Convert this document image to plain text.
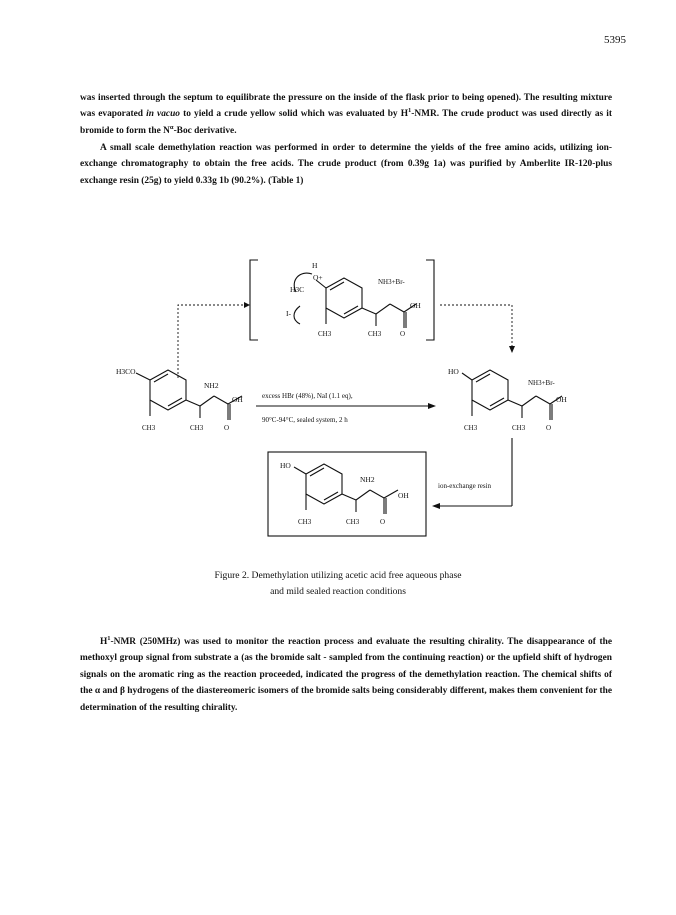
5395

was inserted through the septum to equilibrate the pressure on the inside of the flask prior to being opened). The resulting mixture was evaporated in vacuo to yield a crude yellow solid which was evaluated by $H^1$-NMR. The crude product was used directly as it bromide to form the $N^\alpha$-Boc derivative.

A small scale demethylation reaction was performed in order to determine the yields of the free amino acids, utilizing ion-exchange chromatography to obtain the free acids. The crude product (from 0.39g 1a) was purified by Amberlite IR-120-plus exchange resin (25g) to yield 0.33g 1b (90.2%). (Table 1)

H
O+
H3C
I-
NH3+Br-
OH
CH3	CH3	O
H3CO
NH2
OH
CH3	CH3	O
excess HBr (48%), NaI (1.1 eq),
90°C-94°C, sealed system, 2 h
HO
NH3+Br-
OH
CH3	CH3	O
ion-exchange resin
HO
NH2
OH
CH3	CH3	O
Figure 2. Demethylation utilizing acetic acid free aqueous phase
and mild sealed reaction conditions

$H^1$-NMR (250MHz) was used to monitor the reaction process and evaluate the resulting chirality. The disappearance of the methoxyl group signal from substrate a (as the bromide salt - sampled from the continuing reaction) or the upfield shift of hydrogen signals on the aromatic ring as the reaction proceeded, indicated the progress of the demethylation reaction. The chemical shifts of the α and β hydrogens of the diastereomeric isomers of the bromide salts being considerably different, makes them convenient for the determination of the resulting chirality.
